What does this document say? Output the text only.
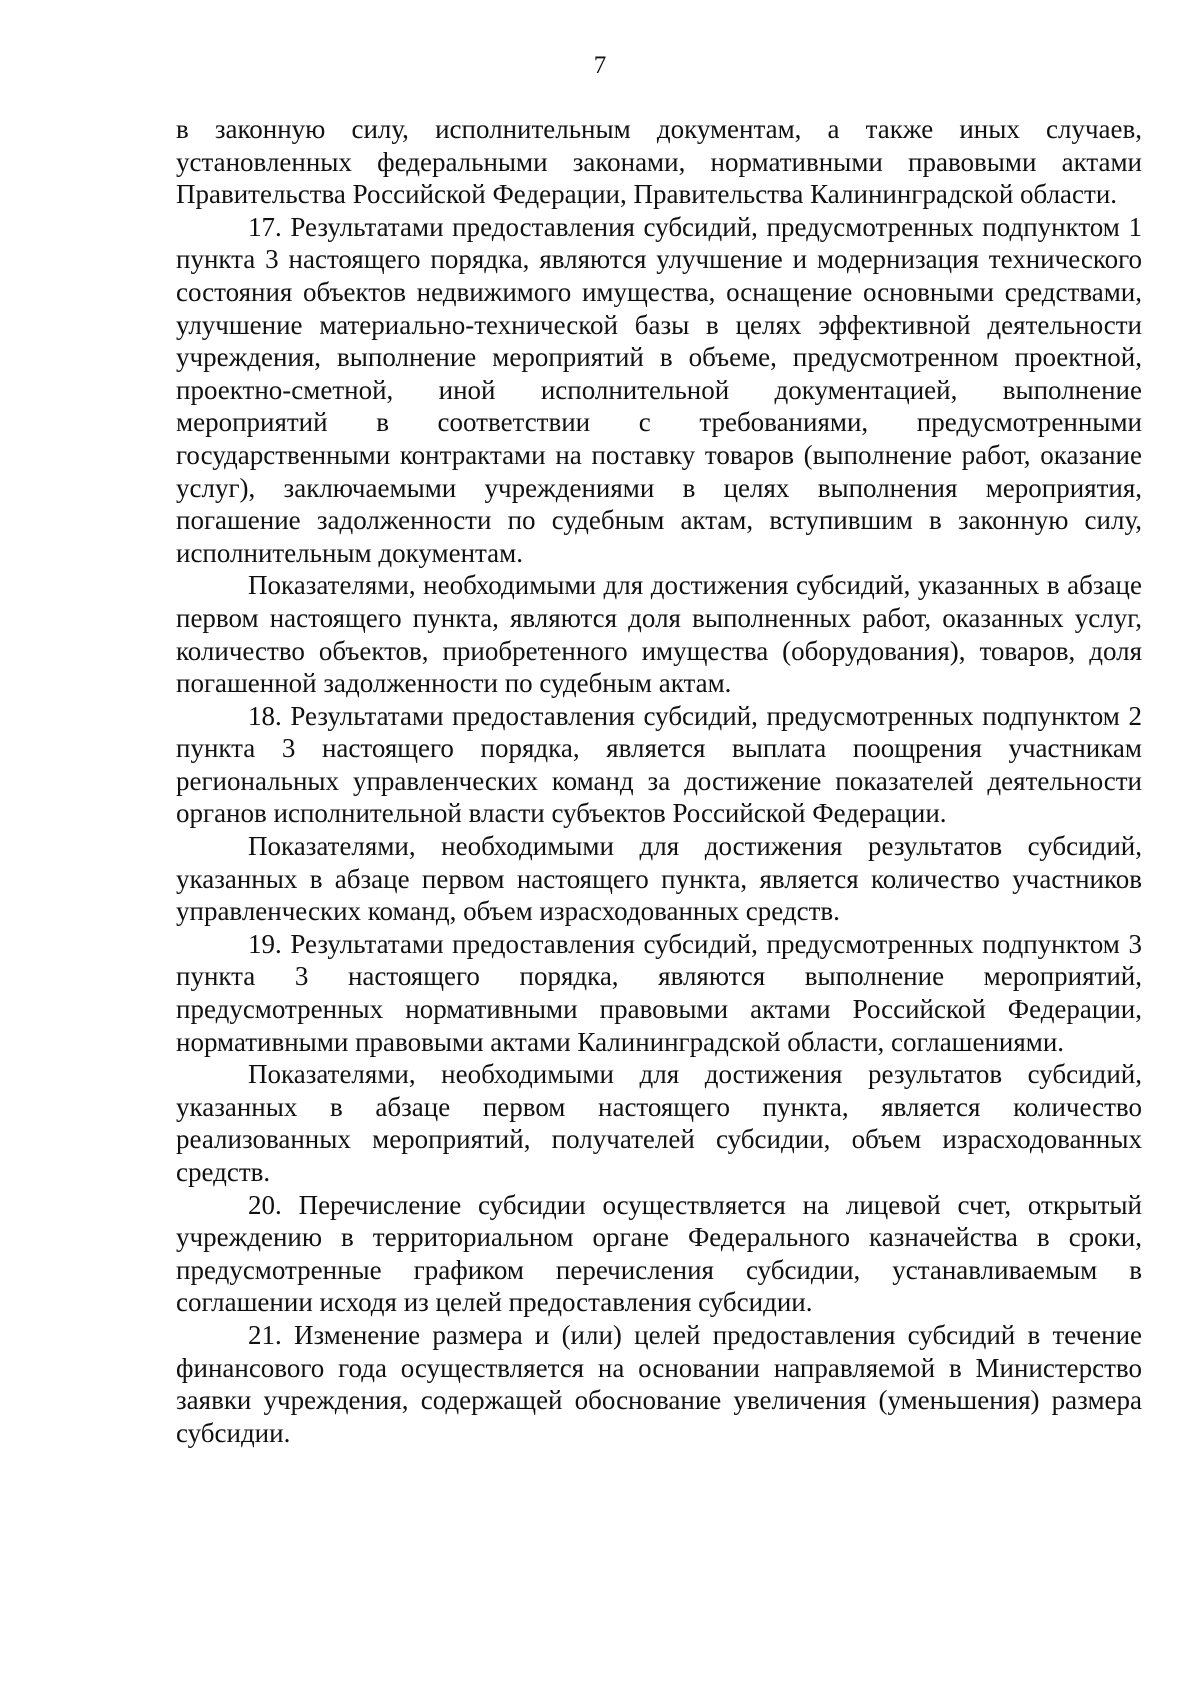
7

в законную силу, исполнительным документам, а также иных случаев, установленных федеральными законами, нормативными правовыми актами Правительства Российской Федерации, Правительства Калининградской области.

17. Результатами предоставления субсидий, предусмотренных подпунктом 1 пункта 3 настоящего порядка, являются улучшение и модернизация технического состояния объектов недвижимого имущества, оснащение основными средствами, улучшение материально-технической базы в целях эффективной деятельности учреждения, выполнение мероприятий в объеме, предусмотренном проектной, проектно-сметной, иной исполнительной документацией, выполнение мероприятий в соответствии с требованиями, предусмотренными государственными контрактами на поставку товаров (выполнение работ, оказание услуг), заключаемыми учреждениями в целях выполнения мероприятия, погашение задолженности по судебным актам, вступившим в законную силу, исполнительным документам.

Показателями, необходимыми для достижения субсидий, указанных в абзаце первом настоящего пункта, являются доля выполненных работ, оказанных услуг, количество объектов, приобретенного имущества (оборудования), товаров, доля погашенной задолженности по судебным актам.

18. Результатами предоставления субсидий, предусмотренных подпунктом 2 пункта 3 настоящего порядка, является выплата поощрения участникам региональных управленческих команд за достижение показателей деятельности органов исполнительной власти субъектов Российской Федерации.

Показателями, необходимыми для достижения результатов субсидий, указанных в абзаце первом настоящего пункта, является количество участников управленческих команд, объем израсходованных средств.

19. Результатами предоставления субсидий, предусмотренных подпунктом 3 пункта 3 настоящего порядка, являются выполнение мероприятий, предусмотренных нормативными правовыми актами Российской Федерации, нормативными правовыми актами Калининградской области, соглашениями.

Показателями, необходимыми для достижения результатов субсидий, указанных в абзаце первом настоящего пункта, является количество реализованных мероприятий, получателей субсидии, объем израсходованных средств.

20. Перечисление субсидии осуществляется на лицевой счет, открытый учреждению в территориальном органе Федерального казначейства в сроки, предусмотренные графиком перечисления субсидии, устанавливаемым в соглашении исходя из целей предоставления субсидии.

21. Изменение размера и (или) целей предоставления субсидий в течение финансового года осуществляется на основании направляемой в Министерство заявки учреждения, содержащей обоснование увеличения (уменьшения) размера субсидии.
